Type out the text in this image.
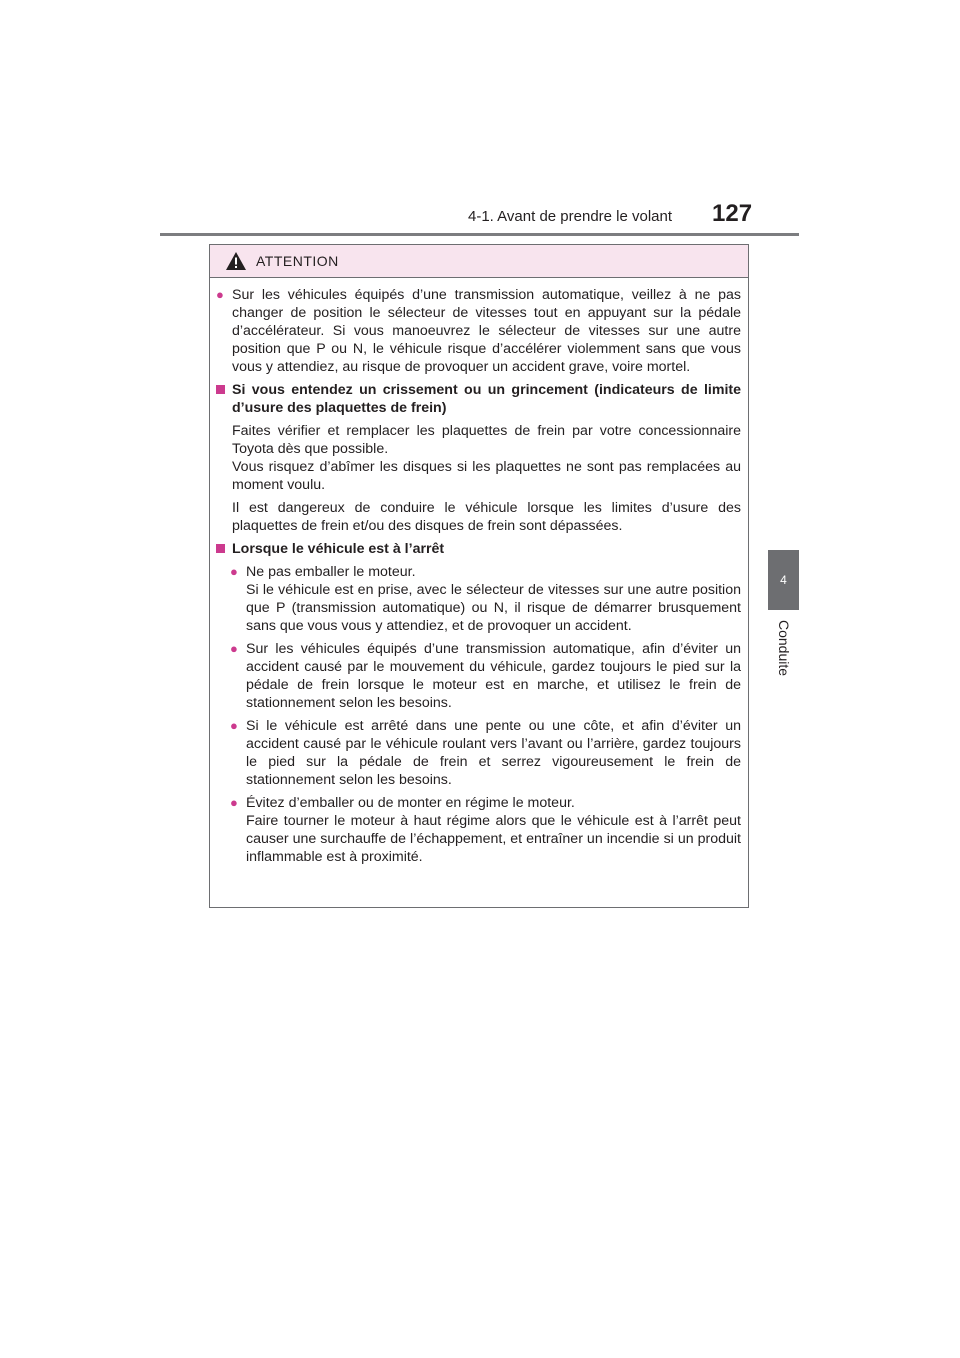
4-1. Avant de prendre le volant 127
4
Conduite
ATTENTION
● Sur les véhicules équipés d’une transmission automatique, veillez à ne pas changer de position le sélecteur de vitesses tout en appuyant sur la pédale d’accélérateur. Si vous manoeuvrez le sélecteur de vitesses sur une autre position que P ou N, le véhicule risque d’accélérer violemment sans que vous vous y attendiez, au risque de provoquer un accident grave, voire mortel.
Si vous entendez un crissement ou un grincement (indicateurs de limite d’usure des plaquettes de frein)
Faites vérifier et remplacer les plaquettes de frein par votre concessionnaire Toyota dès que possible.
Vous risquez d’abîmer les disques si les plaquettes ne sont pas remplacées au moment voulu.
Il est dangereux de conduire le véhicule lorsque les limites d’usure des plaquettes de frein et/ou des disques de frein sont dépassées.
Lorsque le véhicule est à l’arrêt
● Ne pas emballer le moteur.
Si le véhicule est en prise, avec le sélecteur de vitesses sur une autre position que P (transmission automatique) ou N, il risque de démarrer brusquement sans que vous vous y attendiez, et de provoquer un accident.
● Sur les véhicules équipés d’une transmission automatique, afin d’éviter un accident causé par le mouvement du véhicule, gardez toujours le pied sur la pédale de frein lorsque le moteur est en marche, et utilisez le frein de stationnement selon les besoins.
● Si le véhicule est arrêté dans une pente ou une côte, et afin d’éviter un accident causé par le véhicule roulant vers l’avant ou l’arrière, gardez toujours le pied sur la pédale de frein et serrez vigoureusement le frein de stationnement selon les besoins.
● Évitez d’emballer ou de monter en régime le moteur.
Faire tourner le moteur à haut régime alors que le véhicule est à l’arrêt peut causer une surchauffe de l’échappement, et entraîner un incendie si un produit inflammable est à proximité.
